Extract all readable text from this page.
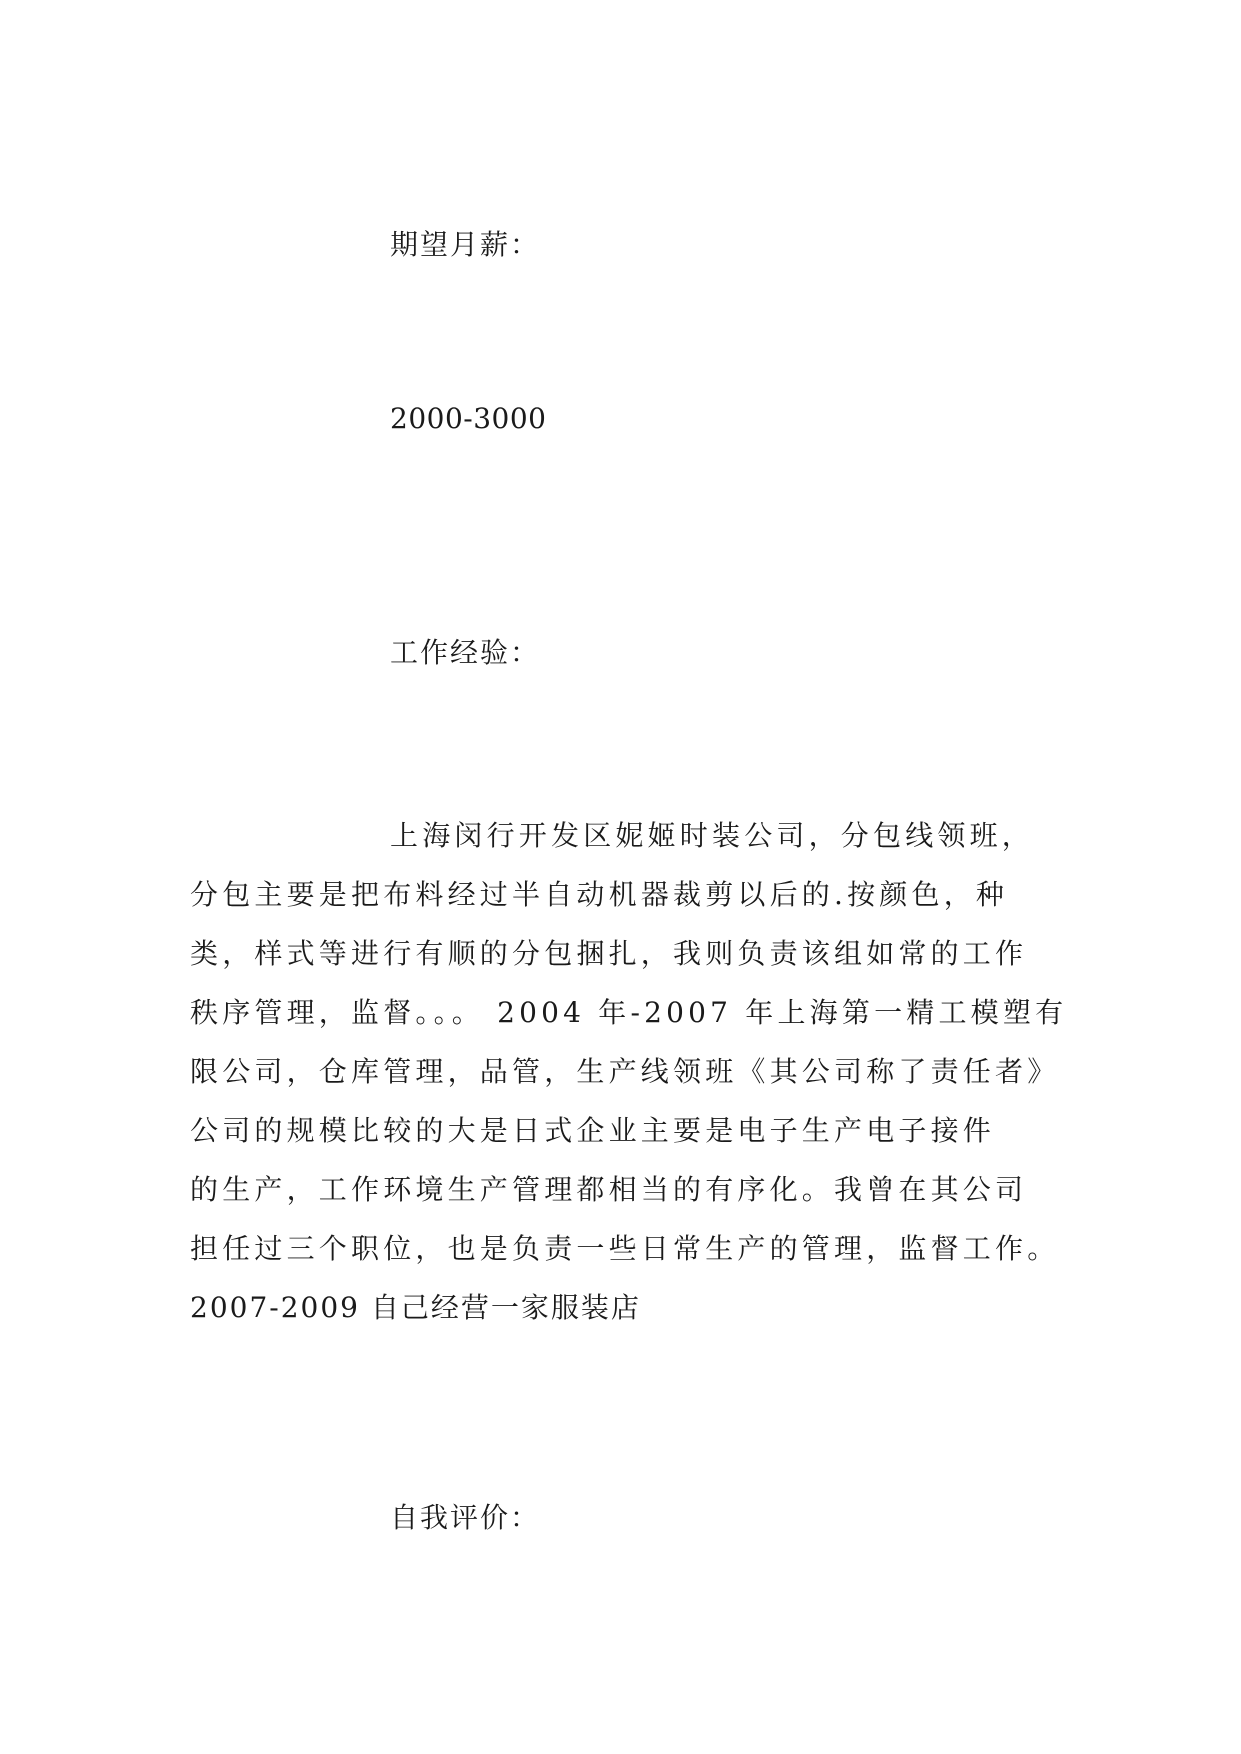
期望月薪：
2000-3000
工作经验：
上海闵行开发区妮姬时装公司，分包线领班，
分包主要是把布料经过半自动机器裁剪以后的.按颜色，种
类，样式等进行有顺的分包捆扎，我则负责该组如常的工作
秩序管理，监督。。。 2004 年-2007 年上海第一精工模塑有
限公司，仓库管理，品管，生产线领班《其公司称了责任者》
公司的规模比较的大是日式企业主要是电子生产电子接件
的生产，工作环境生产管理都相当的有序化。我曾在其公司
担任过三个职位，也是负责一些日常生产的管理，监督工作。
2007-2009 自己经营一家服装店
自我评价：
